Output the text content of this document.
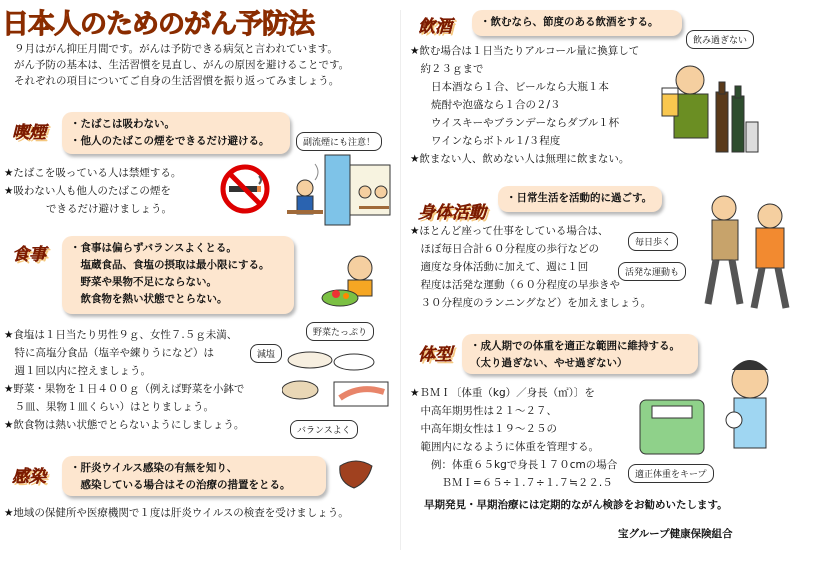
日本人のためのがん予防法
９月はがん抑圧月間です。がんは予防できる病気と言われています。
がん予防の基本は、生活習慣を見直し、がんの原因を避けることです。
それぞれの項目についてご自身の生活習慣を振り返ってみましょう。
喫煙 ・たばこは吸わない。
・他人のたばこの煙をできるだけ避ける。	副流煙にも注意！
★たばこを吸っている人は禁煙する。
★吸わない人も他人のたばこの煙を
　　　　できるだけ避けましょう。
食事 ・食事は偏らずバランスよくとる。
　塩蔵食品、食塩の摂取は最小限にする。
　野菜や果物不足にならない。
　飲食物を熱い状態でとらない。
野菜たっぷり
減塩
バランスよく
★食塩は１日当たり男性９ｇ、女性７.５ｇ未満、
　特に高塩分食品（塩辛や練りうになど）は
　週１回以内に控えましょう。
★野菜・果物を１日４００ｇ（例えば野菜を小鉢で
　５皿、果物１皿くらい）はとりましょう。
★飲食物は熱い状態でとらないようにしましょう。
感染 ・肝炎ウイルス感染の有無を知り、
　感染している場合はその治療の措置をとる。
★地域の保健所や医療機関で１度は肝炎ウイルスの検査を受けましょう。
飲酒	・飲むなら、節度のある飲酒をする。
飲み過ぎない
★飲む場合は１日当たりアルコール量に換算して
　約２３ｇまで
　　日本酒なら１合、ビールなら大瓶１本
　　焼酎や泡盛なら１合の２/３
　　ウイスキーやブランデーならダブル１杯
　　ワインならボトル１/３程度
★飲まない人、飲めない人は無理に飲まない。
身体活動
・日常生活を活動的に過ごす。
★ほとんど座って仕事をしている場合は、
　ほぼ毎日合計６０分程度の歩行などの
　適度な身体活動に加えて、週に１回
　程度は活発な運動（６０分程度の早歩きや
　３０分程度のランニングなど）を加えましょう。
毎日歩く
活発な運動も
体型 ・成人期での体重を適正な範囲に維持する。
（太り過ぎない、やせ過ぎない）
★ＢＭＩ〔体重（kg）／身長（㎡）〕を
　中高年期男性は２１～２７、
　中高年期女性は１９～２５の
　範囲内になるように体重を管理する。
　　例：体重６５kgで身長１７０cmの場合
　　　ＢＭＩ=６５÷１.７÷１.７≒２２.５
適正体重をキープ
早期発見・早期治療には定期的ながん検診をお勧めいたします。
宝グループ健康保険組合
